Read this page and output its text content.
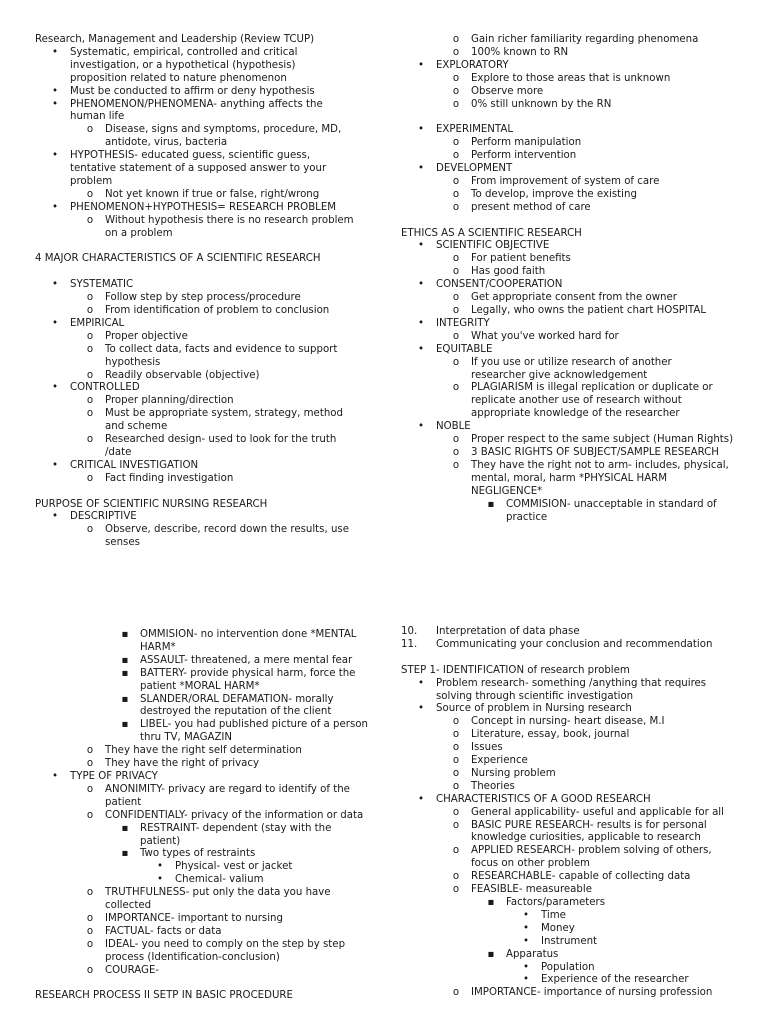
Research, Management and Leadership (Review TCUP)
•	Systematic, empirical, controlled and critical investigation, or a hypothetical (hypothesis) proposition related to nature phenomenon
•	Must be conducted to affirm or deny hypothesis
•	PHENOMENON/PHENOMENA- anything affects the human life
o	Disease, signs and symptoms, procedure, MD, antidote, virus, bacteria
•	HYPOTHESIS- educated guess, scientific guess, tentative statement of a supposed answer to your problem
o	Not yet known if true or false, right/wrong
•	PHENOMENON+HYPOTHESIS= RESEARCH PROBLEM
o	Without hypothesis there is no research problem on a problem
4 MAJOR CHARACTERISTICS OF A SCIENTIFIC RESEARCH
•	SYSTEMATIC
o	Follow step by step process/procedure
o	From identification of problem to conclusion
•	EMPIRICAL
o	Proper objective
o	To collect data, facts and evidence to support hypothesis
o	Readily observable (objective)
•	CONTROLLED
o	Proper planning/direction
o	Must be appropriate system, strategy, method and scheme
o	Researched design- used to look for the truth /date
•	CRITICAL INVESTIGATION
o	Fact finding investigation
PURPOSE OF SCIENTIFIC NURSING RESEARCH
•	DESCRIPTIVE
o	Observe, describe, record down the results, use senses
o	Gain richer familiarity regarding phenomena
o	100% known to RN
•	EXPLORATORY
o	Explore to those areas that is unknown
o	Observe more
o	0% still unknown by the RN
•	EXPERIMENTAL
o	Perform manipulation
o	Perform intervention
•	DEVELOPMENT
o	From improvement of system of care
o	To develop, improve the existing
o	present method of care
ETHICS AS A SCIENTIFIC RESEARCH
•	SCIENTIFIC OBJECTIVE
o	For patient benefits
o	Has good faith
•	CONSENT/COOPERATION
o	Get appropriate consent from the owner
o	Legally, who owns the patient chart HOSPITAL
•	INTEGRITY
o	What you've worked hard for
•	EQUITABLE
o	If you use or utilize research of another researcher give acknowledgement
o	PLAGIARISM is illegal replication or duplicate or replicate another use of research without appropriate knowledge of the researcher
•	NOBLE
o	Proper respect to the same subject (Human Rights)
o	3 BASIC RIGHTS OF SUBJECT/SAMPLE RESEARCH
o	They have the right not to arm- includes, physical, mental, moral, harm *PHYSICAL HARM NEGLIGENCE*
▪	COMMISION- unacceptable in standard of practice
▪	OMMISION- no intervention done *MENTAL HARM*
▪	ASSAULT- threatened, a mere mental fear
▪	BATTERY- provide physical harm, force the patient *MORAL HARM*
▪	SLANDER/ORAL DEFAMATION- morally destroyed the reputation of the client
▪	LIBEL- you had published picture of a person thru TV, MAGAZIN
o	They have the right self determination
o	They have the right of privacy
•	TYPE OF PRIVACY
o	ANONIMITY- privacy are regard to identify of the patient
o	CONFIDENTIALY- privacy of the information or data
▪	RESTRAINT- dependent (stay with the patient)
▪	Two types of restraints
•	Physical- vest or jacket
•	Chemical- valium
o	TRUTHFULNESS- put only the data you have collected
o	IMPORTANCE- important to nursing
o	FACTUAL- facts or data
o	IDEAL- you need to comply on the step by step process (Identification-conclusion)
o	COURAGE-
RESEARCH PROCESS II SETP IN BASIC PROCEDURE
10.	Interpretation of data phase
11.	Communicating your conclusion and recommendation
STEP 1- IDENTIFICATION of research problem
•	Problem research- something /anything that requires solving through scientific investigation
•	Source of problem in Nursing research
o	Concept in nursing- heart disease, M.I
o	Literature, essay, book, journal
o	Issues
o	Experience
o	Nursing problem
o	Theories
•	CHARACTERISTICS OF A GOOD RESEARCH
o	General applicability- useful and applicable for all
o	BASIC PURE RESEARCH- results is for personal knowledge curiosities, applicable to research
o	APPLIED RESEARCH- problem solving of others, focus on other problem
o	RESEARCHABLE- capable of collecting data
o	FEASIBLE- measureable
▪	Factors/parameters
•	Time
•	Money
•	Instrument
▪	Apparatus
•	Population
•	Experience of the researcher
o	IMPORTANCE- importance of nursing profession
